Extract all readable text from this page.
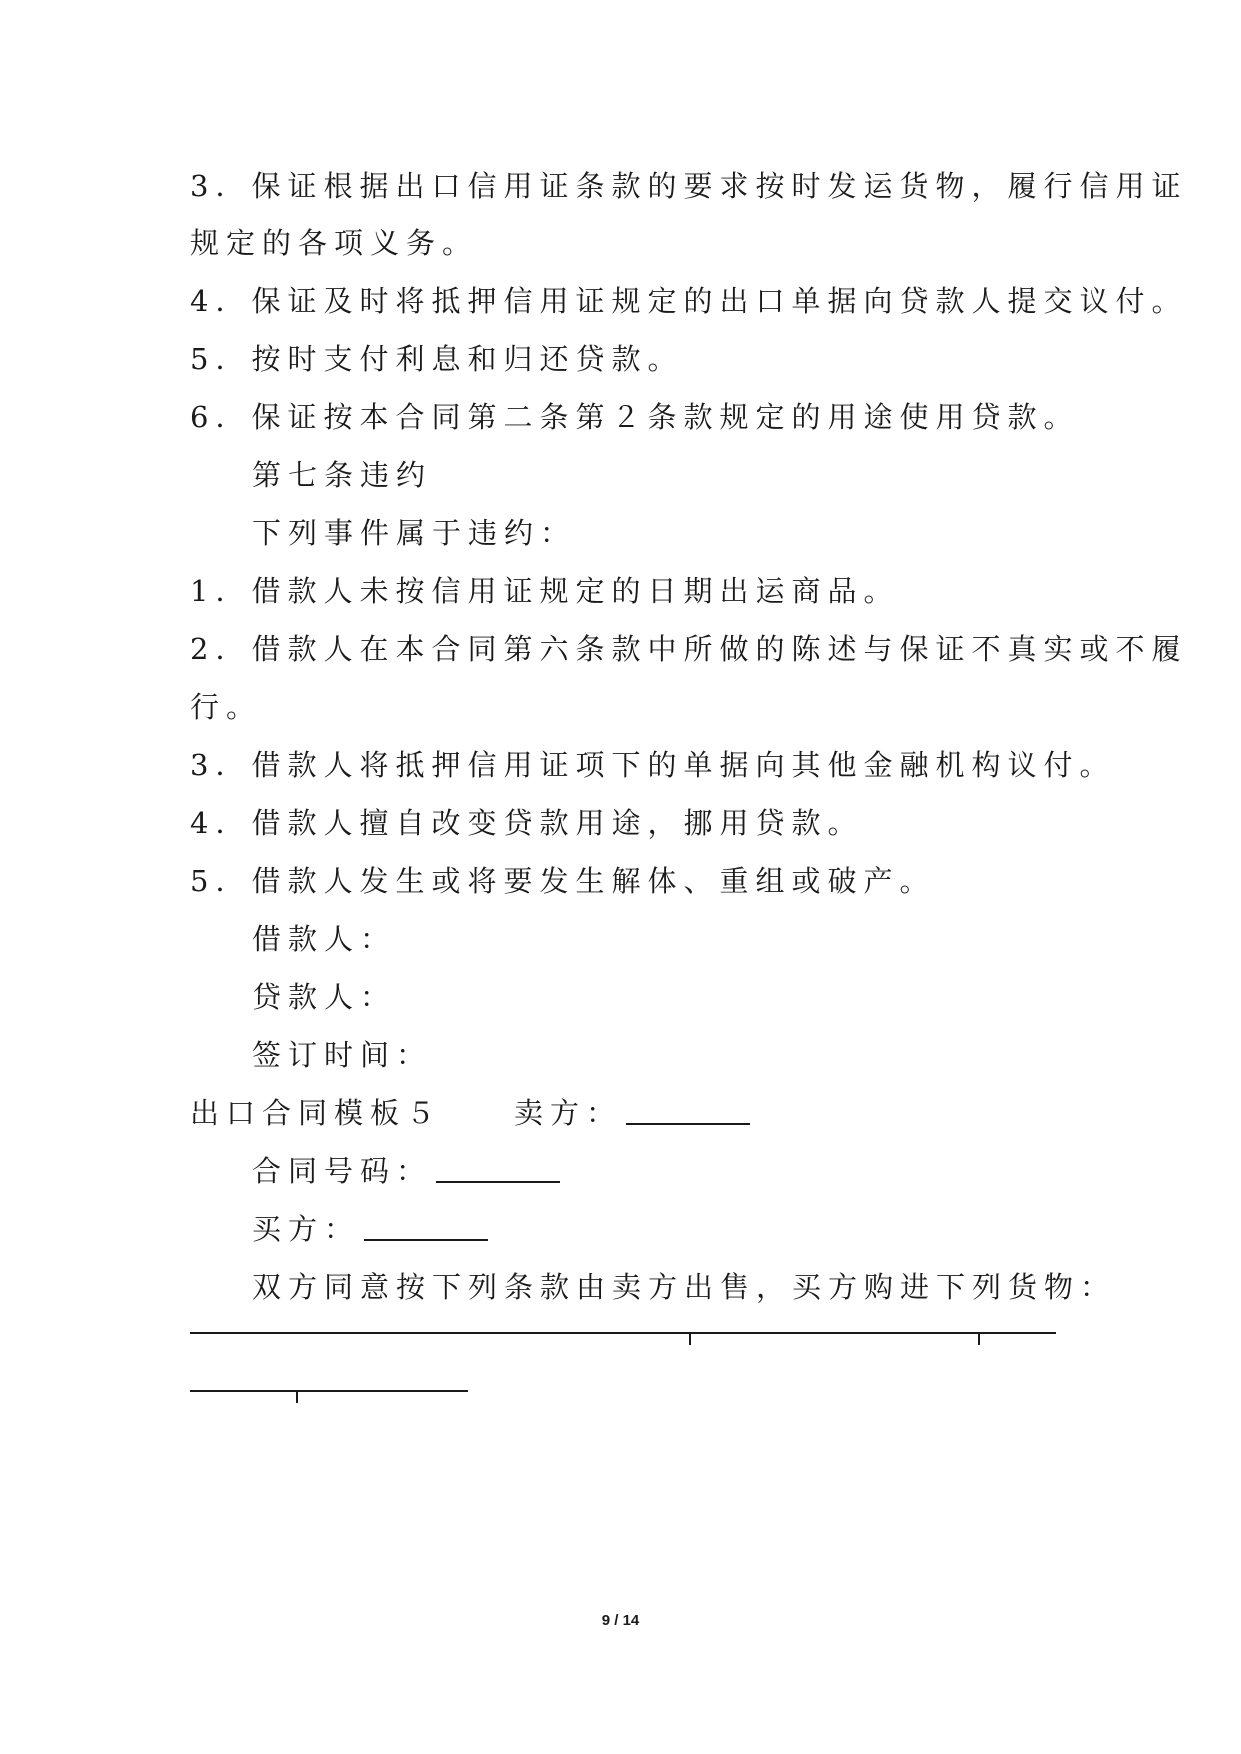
3．保证根据出口信用证条款的要求按时发运货物，履行信用证
规定的各项义务。
4．保证及时将抵押信用证规定的出口单据向贷款人提交议付。
5．按时支付利息和归还贷款。
6．保证按本合同第二条第２条款规定的用途使用贷款。
第七条违约
下列事件属于违约：
1．借款人未按信用证规定的日期出运商品。
2．借款人在本合同第六条款中所做的陈述与保证不真实或不履
行。
3．借款人将抵押信用证项下的单据向其他金融机构议付。
4．借款人擅自改变贷款用途，挪用贷款。
5．借款人发生或将要发生解体、重组或破产。
借款人：
贷款人：
签订时间：
出口合同模板５ 卖方：
合同号码：
买方：
双方同意按下列条款由卖方出售，买方购进下列货物：
9 / 14
